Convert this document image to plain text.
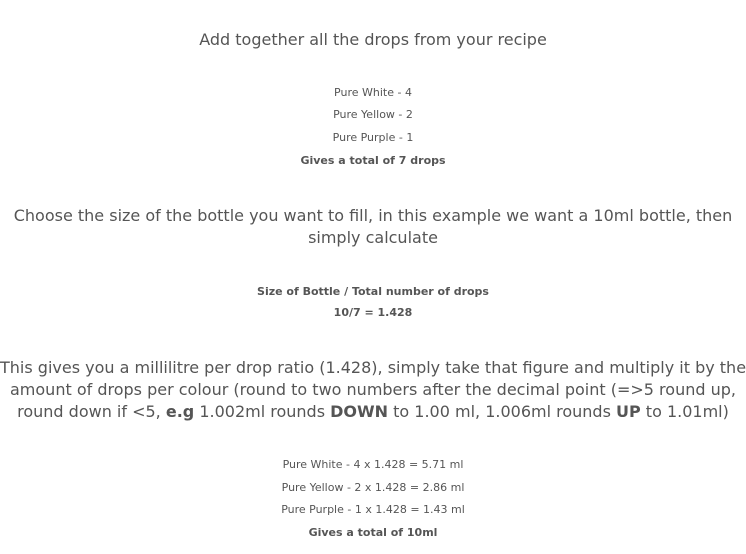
Add together all the drops from your recipe
Pure White - 4
Pure Yellow - 2
Pure Purple - 1
Gives a total of 7 drops
Choose the size of the bottle you want to fill, in this example we want a 10ml bottle, then
simply calculate
Size of Bottle / Total number of drops
10/7 = 1.428
This gives you a millilitre per drop ratio (1.428), simply take that figure and multiply it by the
amount of drops per colour (round to two numbers after the decimal point (=>5 round up,
round down if <5, e.g 1.002ml rounds DOWN to 1.00 ml, 1.006ml rounds UP to 1.01ml)
Pure White - 4 x 1.428 = 5.71 ml
Pure Yellow - 2 x 1.428 = 2.86 ml
Pure Purple - 1 x 1.428 = 1.43 ml
Gives a total of 10ml
